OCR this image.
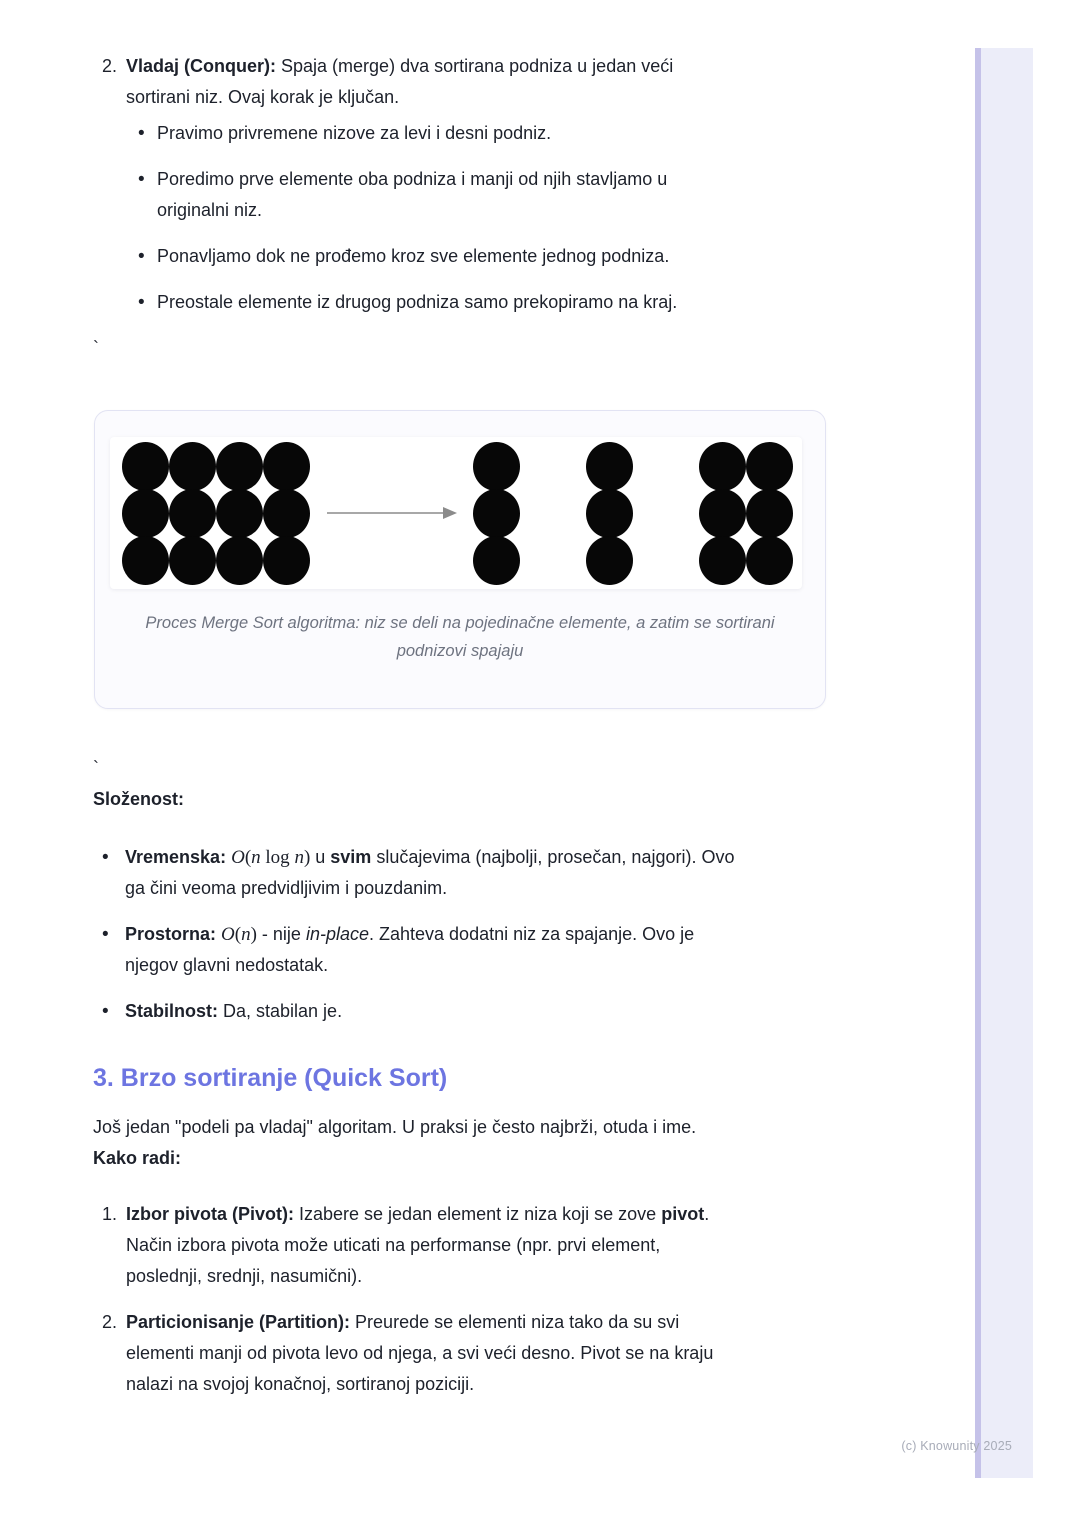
(c) Knowunity 2025
2. Vladaj (Conquer): Spaja (merge) dva sortirana podniza u jedan veći
sortirani niz. Ovaj korak je ključan.
•
Pravimo privremene nizove za levi i desni podniz.
•
Poredimo prve elemente oba podniza i manji od njih stavljamo u
originalni niz.
•
Ponavljamo dok ne prođemo kroz sve elemente jednog podniza.
•
Preostale elemente iz drugog podniza samo prekopiramo na kraj.

`

Proces Merge Sort algoritma: niz se deli na pojedinačne elemente, a zatim se sortirani podnizovi spajaju

`

Složenost:
•
Vremenska: O(n log n) u svim slučajevima (najbolji, prosečan, najgori). Ovo
ga čini veoma predvidljivim i pouzdanim.
•
Prostorna: O(n) - nije in-place. Zahteva dodatni niz za spajanje. Ovo je
njegov glavni nedostatak.
•
Stabilnost: Da, stabilan je.
3. Brzo sortiranje (Quick Sort)

Još jedan "podeli pa vladaj" algoritam. U praksi je često najbrži, otuda i ime.

Kako radi:
1. Izbor pivota (Pivot): Izabere se jedan element iz niza koji se zove pivot.
Način izbora pivota može uticati na performanse (npr. prvi element,
poslednji, srednji, nasumični).
2. Particionisanje (Partition): Preurede se elementi niza tako da su svi
elementi manji od pivota levo od njega, a svi veći desno. Pivot se na kraju
nalazi na svojoj konačnoj, sortiranoj poziciji.
